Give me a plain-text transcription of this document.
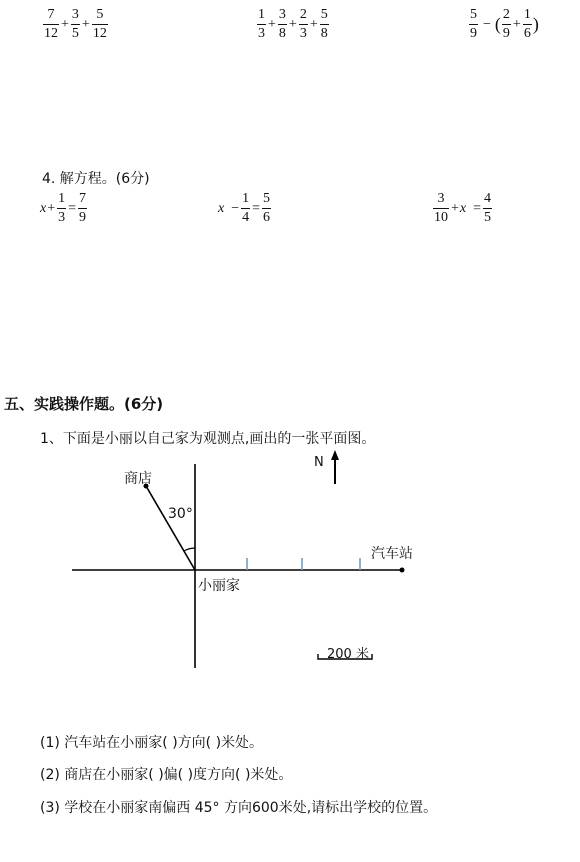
$\frac{7}{12} + \frac{3}{5} + \frac{5}{12}$	$\frac{1}{3} + \frac{3}{8} + \frac{2}{3} + \frac{5}{8}$	$\frac{5}{9}$ − ( $\frac{2}{9} + \frac{1}{6}$ )
4. 解方程。(6分)
$x + \frac{1}{3} = \frac{7}{9}$	$x - \frac{1}{4} = \frac{5}{6}$	$\frac{3}{10} + x = \frac{4}{5}$
五、实践操作题。(6分)
1、下面是小丽以自己家为观测点,画出的一张平面图。
N
商店
30°
汽车站
小丽家
200 米
(1) 汽车站在小丽家( )方向( )米处。
(2) 商店在小丽家( )偏( )度方向( )米处。
(3) 学校在小丽家南偏西 45° 方向600米处,请标出学校的位置。
